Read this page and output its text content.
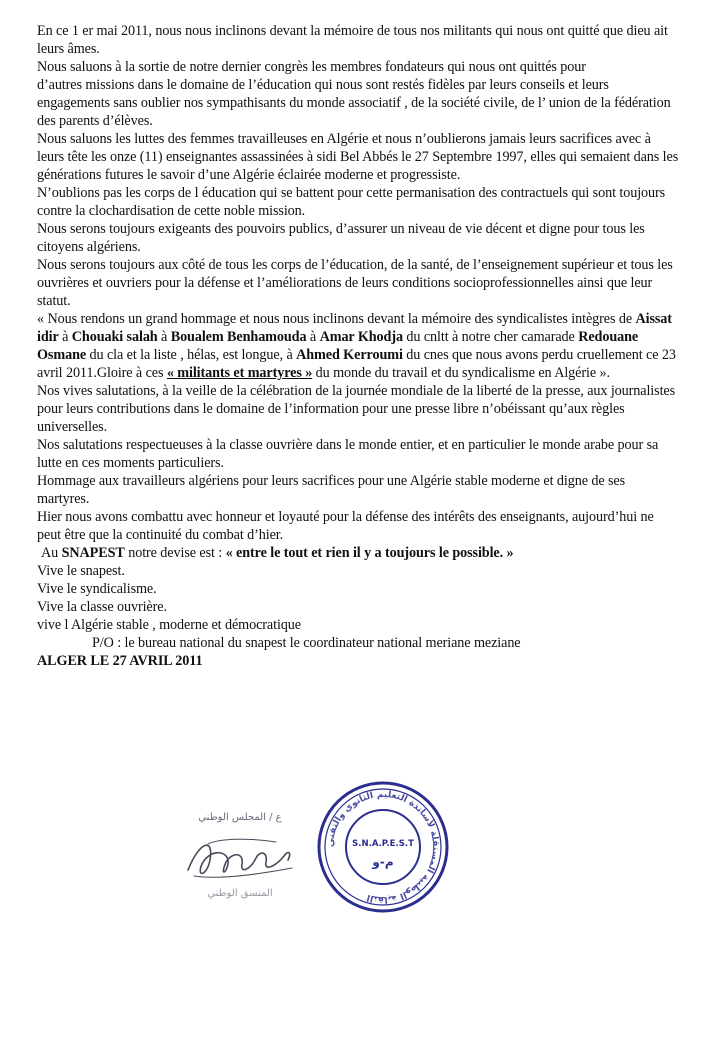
En ce 1 er mai 2011, nous nous inclinons devant la mémoire de tous nos militants qui nous ont quitté que dieu ait leurs âmes.

Nous saluons à la sortie de notre dernier congrès les membres fondateurs qui nous ont quittés pour

d’autres missions dans le domaine de l’éducation qui nous sont restés fidèles par leurs conseils et leurs engagements sans oublier nos sympathisants du monde associatif , de la société civile, de l’ union de la fédération des parents d’élèves.

Nous saluons les luttes des femmes travailleuses en Algérie et nous n’oublierons jamais leurs sacrifices avec à leurs tête les onze (11) enseignantes assassinées à sidi Bel Abbés le 27 Septembre 1997, elles qui semaient dans les générations futures le savoir d’une Algérie éclairée moderne et progressiste.

N’oublions pas les corps de l éducation qui se battent pour cette permanisation des contractuels qui sont toujours contre la clochardisation de cette noble mission.

Nous serons toujours exigeants des pouvoirs publics, d’assurer un niveau de vie décent et digne pour tous les citoyens algériens.

Nous serons toujours aux côté de tous les corps de l’éducation, de la santé, de l’enseignement supérieur et tous les ouvrières et ouvriers pour la défense et l’améliorations de leurs conditions socioprofessionnelles ainsi que leur statut.

« Nous rendons un grand hommage et nous nous inclinons devant la mémoire des syndicalistes intègres de Aissat idir à Chouaki salah à Boualem Benhamouda à Amar Khodja du cnltt à notre cher camarade Redouane Osmane du cla et la liste , hélas, est longue, à Ahmed Kerroumi du cnes que nous avons perdu cruellement ce 23 avril 2011.Gloire à ces « militants et martyres » du monde du travail et du syndicalisme en Algérie ».

Nos vives salutations, à la veille de la célébration de la journée mondiale de la liberté de la presse, aux journalistes pour leurs contributions dans le domaine de l’information pour une presse libre n’obéissant qu’aux règles universelles.

Nos salutations respectueuses à la classe ouvrière dans le monde entier, et en particulier le monde arabe pour sa lutte en ces moments particuliers.

Hommage aux travailleurs algériens pour leurs sacrifices pour une Algérie stable moderne et digne de ses martyres.

Hier nous avons combattu avec honneur et loyauté pour la défense des intérêts des enseignants, aujourd’hui ne peut être que la continuité du combat d’hier.

Au SNAPEST notre devise est : « entre le tout et rien il y a toujours le possible. »

Vive le snapest.

Vive le syndicalisme.

Vive la classe ouvrière.

vive l Algérie stable , moderne et démocratique

P/O : le bureau national du snapest le coordinateur national meriane meziane

ALGER LE 27 AVRIL 2011

ع / المجلس الوطني
المنسق الوطني
النقابة الوطنية المستقلة لأساتذة التعليم الثانوي والتقني
S.N.A.P.E.S.T
م-و
